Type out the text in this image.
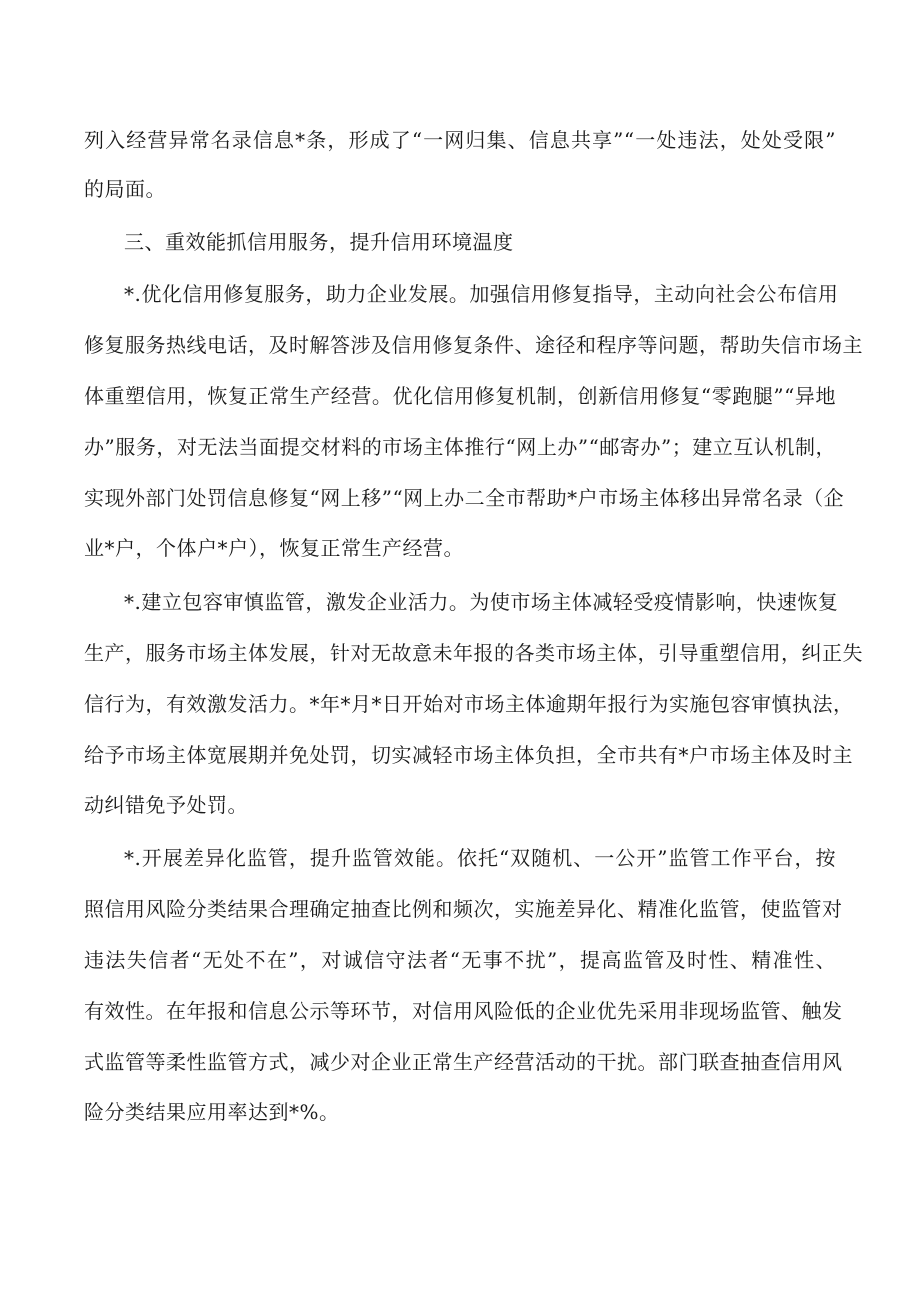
列入经营异常名录信息*条，形成了“一网归集、信息共享”“一处违法，处处受限”
的局面。
三、重效能抓信用服务，提升信用环境温度
*.优化信用修复服务，助力企业发展。加强信用修复指导，主动向社会公布信用
修复服务热线电话，及时解答涉及信用修复条件、途径和程序等问题，帮助失信市场主
体重塑信用，恢复正常生产经营。优化信用修复机制，创新信用修复“零跑腿”“异地
办”服务，对无法当面提交材料的市场主体推行“网上办”“邮寄办”；建立互认机制，
实现外部门处罚信息修复“网上移”“网上办二全市帮助*户市场主体移出异常名录（企
业*户，个体户*户），恢复正常生产经营。
*.建立包容审慎监管，激发企业活力。为使市场主体减轻受疫情影响，快速恢复
生产，服务市场主体发展，针对无故意未年报的各类市场主体，引导重塑信用，纠正失
信行为，有效激发活力。*年*月*日开始对市场主体逾期年报行为实施包容审慎执法，
给予市场主体宽展期并免处罚，切实减轻市场主体负担，全市共有*户市场主体及时主
动纠错免予处罚。
*.开展差异化监管，提升监管效能。依托“双随机、一公开”监管工作平台，按
照信用风险分类结果合理确定抽查比例和频次，实施差异化、精准化监管，使监管对
违法失信者“无处不在”，对诚信守法者“无事不扰”，提高监管及时性、精准性、
有效性。在年报和信息公示等环节，对信用风险低的企业优先采用非现场监管、触发
式监管等柔性监管方式，减少对企业正常生产经营活动的干扰。部门联查抽查信用风
险分类结果应用率达到*%。
